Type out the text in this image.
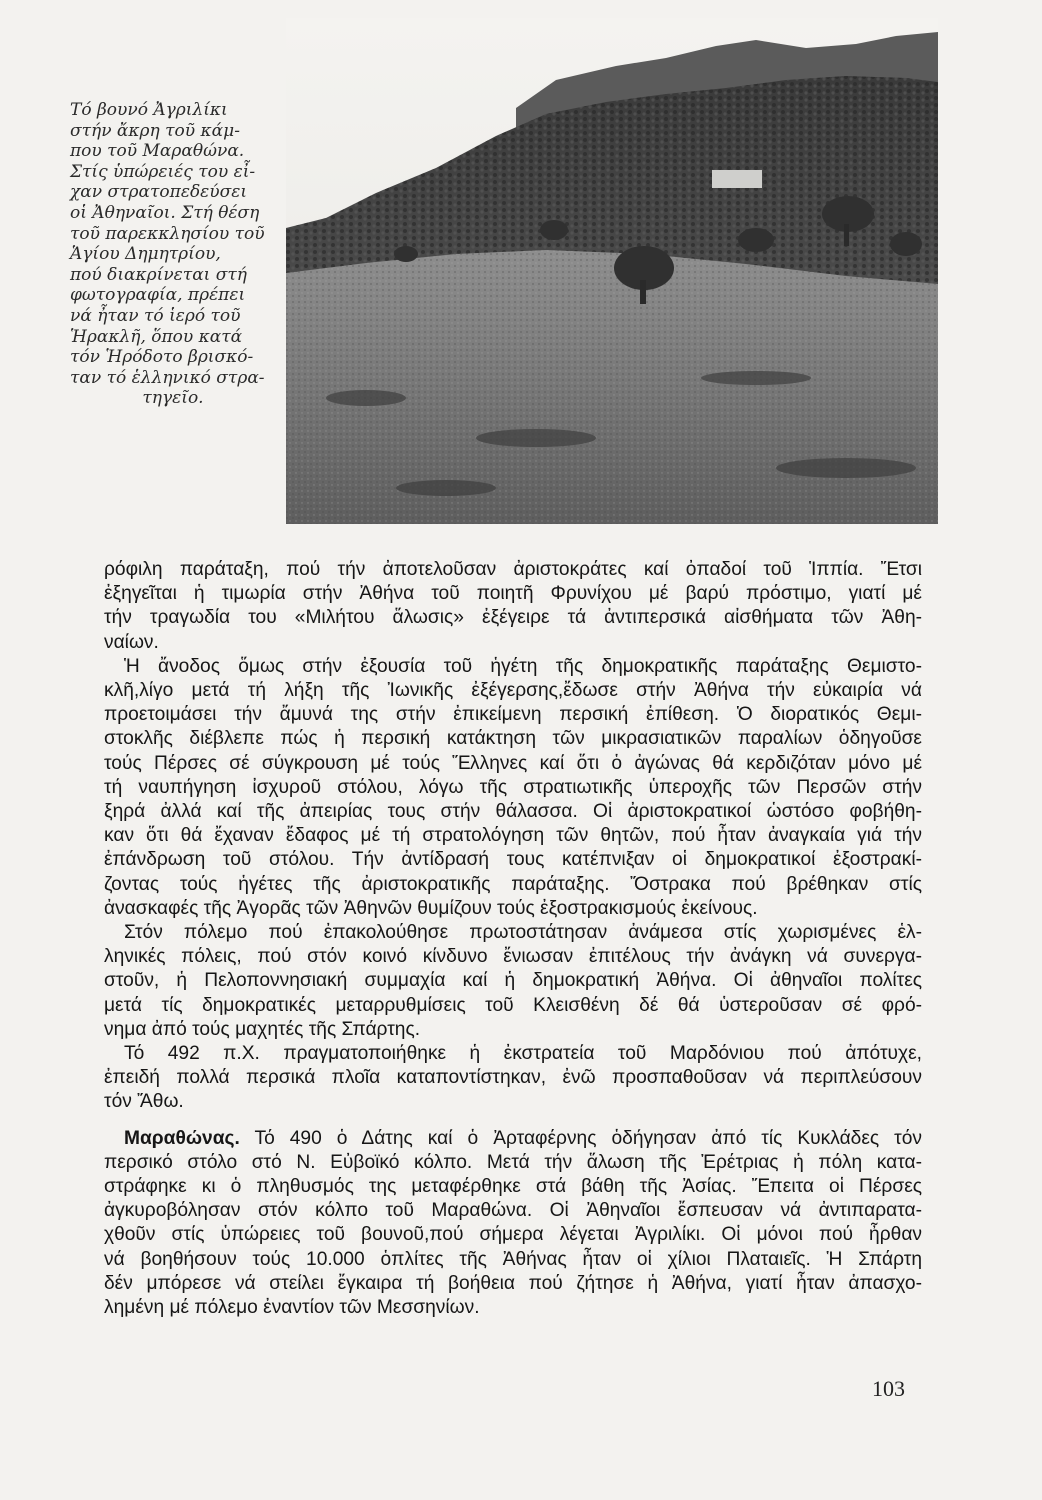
Τό βουνό Ἀγριλίκι
στήν ἄκρη τοῦ κάμ-
που τοῦ Μαραθώνα.
Στίς ὑπώρειές του εἶ-
χαν στρατοπεδεύσει
οἱ Ἀθηναῖοι. Στή θέση
τοῦ παρεκκλησίου τοῦ
Ἁγίου Δημητρίου,
πού διακρίνεται στή
φωτογραφία, πρέπει
νά ἦταν τό ἱερό τοῦ
Ἡρακλῆ, ὅπου κατά
τόν Ἡρόδοτο βρισκό-
ταν τό ἑλληνικό στρα-
τηγεῖο.
ρόφιλη παράταξη, πού τήν ἀποτελοῦσαν ἀριστοκράτες καί ὀπαδοί τοῦ Ἱππία. Ἔτσι
ἐξηγεῖται ἡ τιμωρία στήν Ἀθήνα τοῦ ποιητῆ Φρυνίχου μέ βαρύ πρόστιμο, γιατί μέ
τήν τραγωδία του «Μιλήτου ἅλωσις» ἐξέγειρε τά ἀντιπερσικά αἰσθήματα τῶν Ἀθη-
ναίων.
Ἡ ἄνοδος ὅμως στήν ἐξουσία τοῦ ἡγέτη τῆς δημοκρατικῆς παράταξης Θεμιστο-
κλῆ,λίγο μετά τή λήξη τῆς Ἰωνικῆς ἐξέγερσης,ἔδωσε στήν Ἀθήνα τήν εὐκαιρία νά
προετοιμάσει τήν ἄμυνά της στήν ἐπικείμενη περσική ἐπίθεση. Ὁ διορατικός Θεμι-
στοκλῆς διέβλεπε πώς ἡ περσική κατάκτηση τῶν μικρασιατικῶν παραλίων ὁδηγοῦσε
τούς Πέρσες σέ σύγκρουση μέ τούς Ἕλληνες καί ὅτι ὁ ἀγώνας θά κερδιζόταν μόνο μέ
τή ναυπήγηση ἰσχυροῦ στόλου, λόγω τῆς στρατιωτικῆς ὑπεροχῆς τῶν Περσῶν στήν
ξηρά ἀλλά καί τῆς ἀπειρίας τους στήν θάλασσα. Οἱ ἀριστοκρατικοί ὡστόσο φοβήθη-
καν ὅτι θά ἔχαναν ἔδαφος μέ τή στρατολόγηση τῶν θητῶν, πού ἦταν ἀναγκαία γιά τήν
ἐπάνδρωση τοῦ στόλου. Τήν ἀντίδρασή τους κατέπνιξαν οἱ δημοκρατικοί ἐξοστρακί-
ζοντας τούς ἡγέτες τῆς ἀριστοκρατικῆς παράταξης. Ὄστρακα πού βρέθηκαν στίς
ἀνασκαφές τῆς Ἀγορᾶς τῶν Ἀθηνῶν θυμίζουν τούς ἐξοστρακισμούς ἐκείνους.
Στόν πόλεμο πού ἐπακολούθησε πρωτοστάτησαν ἀνάμεσα στίς χωρισμένες ἑλ-
ληνικές πόλεις, πού στόν κοινό κίνδυνο ἔνιωσαν ἐπιτέλους τήν ἀνάγκη νά συνεργα-
στοῦν, ἡ Πελοποννησιακή συμμαχία καί ἡ δημοκρατική Ἀθήνα. Οἱ ἀθηναῖοι πολίτες
μετά τίς δημοκρατικές μεταρρυθμίσεις τοῦ Κλεισθένη δέ θά ὑστεροῦσαν σέ φρό-
νημα ἀπό τούς μαχητές τῆς Σπάρτης.
Τό 492 π.Χ. πραγματοποιήθηκε ἡ ἐκστρατεία τοῦ Μαρδόνιου πού ἀπότυχε,
ἐπειδή πολλά περσικά πλοῖα καταποντίστηκαν, ἐνῶ προσπαθοῦσαν νά περιπλεύσουν
τόν Ἄθω.
Μαραθώνας. Τό 490 ὁ Δάτης καί ὁ Ἀρταφέρνης ὁδήγησαν ἀπό τίς Κυκλάδες τόν
περσικό στόλο στό Ν. Εὐβοϊκό κόλπο. Μετά τήν ἅλωση τῆς Ἐρέτριας ἡ πόλη κατα-
στράφηκε κι ὁ πληθυσμός της μεταφέρθηκε στά βάθη τῆς Ἀσίας. Ἔπειτα οἱ Πέρσες
ἀγκυροβόλησαν στόν κόλπο τοῦ Μαραθώνα. Οἱ Ἀθηναῖοι ἔσπευσαν νά ἀντιπαρατα-
χθοῦν στίς ὑπώρειες τοῦ βουνοῦ,πού σήμερα λέγεται Ἀγριλίκι. Οἱ μόνοι πού ἦρθαν
νά βοηθήσουν τούς 10.000 ὁπλίτες τῆς Ἀθήνας ἦταν οἱ χίλιοι Πλαταιεῖς. Ἡ Σπάρτη
δέν μπόρεσε νά στείλει ἔγκαιρα τή βοήθεια πού ζήτησε ἡ Ἀθήνα, γιατί ἦταν ἀπασχο-
λημένη μέ πόλεμο ἐναντίον τῶν Μεσσηνίων.
103
